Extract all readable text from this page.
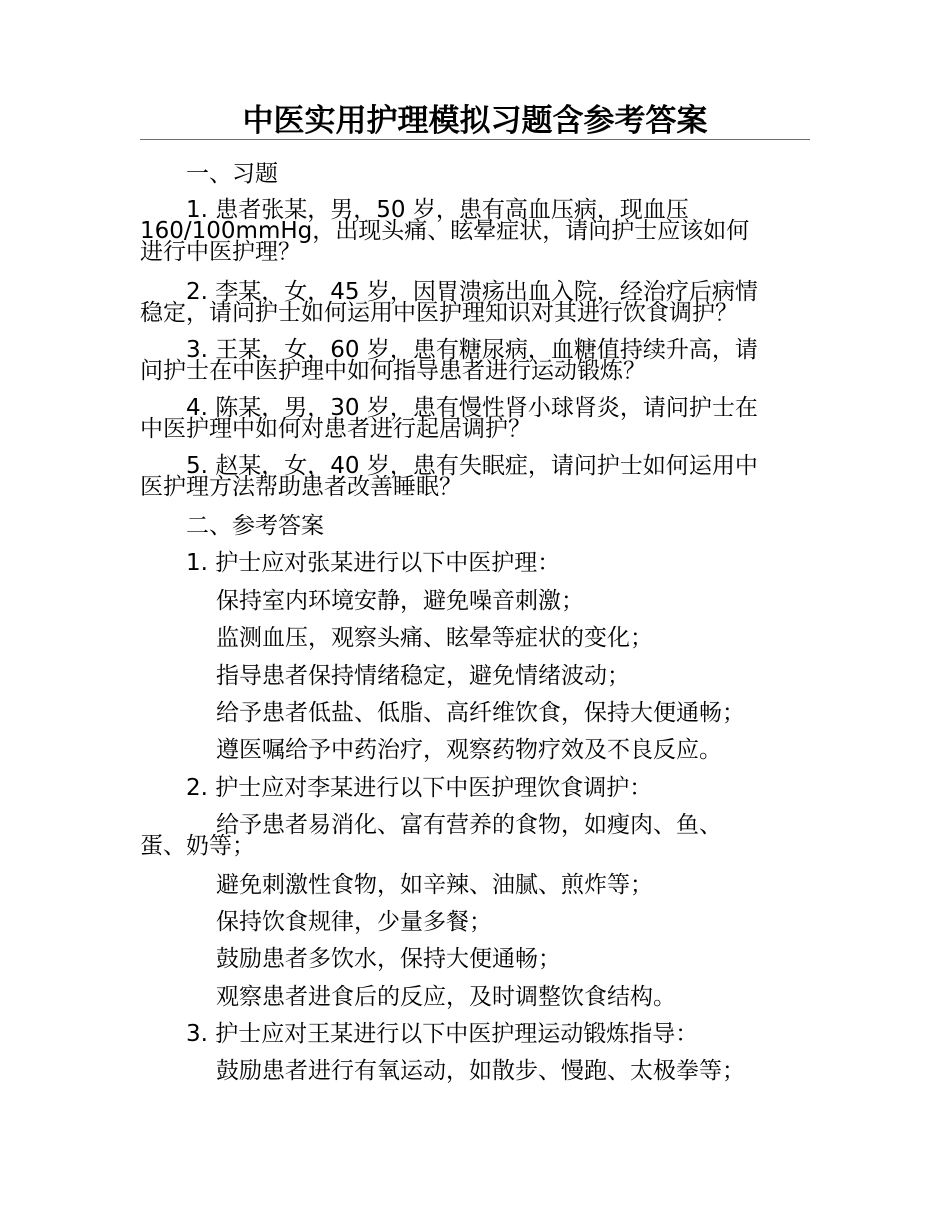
中医实用护理模拟习题含参考答案
一、习题
1. 患者张某，男，50 岁，患有高血压病，现血压
160/100mmHg，出现头痛、眩晕症状，请问护士应该如何
进行中医护理？
2. 李某，女，45 岁，因胃溃疡出血入院，经治疗后病情
稳定，请问护士如何运用中医护理知识对其进行饮食调护？
3. 王某，女，60 岁，患有糖尿病，血糖值持续升高，请
问护士在中医护理中如何指导患者进行运动锻炼？
4. 陈某，男，30 岁，患有慢性肾小球肾炎，请问护士在
中医护理中如何对患者进行起居调护？
5. 赵某，女，40 岁，患有失眠症，请问护士如何运用中
医护理方法帮助患者改善睡眠？
二、参考答案
1. 护士应对张某进行以下中医护理：
保持室内环境安静，避免噪音刺激；
监测血压，观察头痛、眩晕等症状的变化；
指导患者保持情绪稳定，避免情绪波动；
给予患者低盐、低脂、高纤维饮食，保持大便通畅；
遵医嘱给予中药治疗，观察药物疗效及不良反应。
2. 护士应对李某进行以下中医护理饮食调护：
给予患者易消化、富有营养的食物，如瘦肉、鱼、
蛋、奶等；
避免刺激性食物，如辛辣、油腻、煎炸等；
保持饮食规律，少量多餐；
鼓励患者多饮水，保持大便通畅；
观察患者进食后的反应，及时调整饮食结构。
3. 护士应对王某进行以下中医护理运动锻炼指导：
鼓励患者进行有氧运动，如散步、慢跑、太极拳等；
